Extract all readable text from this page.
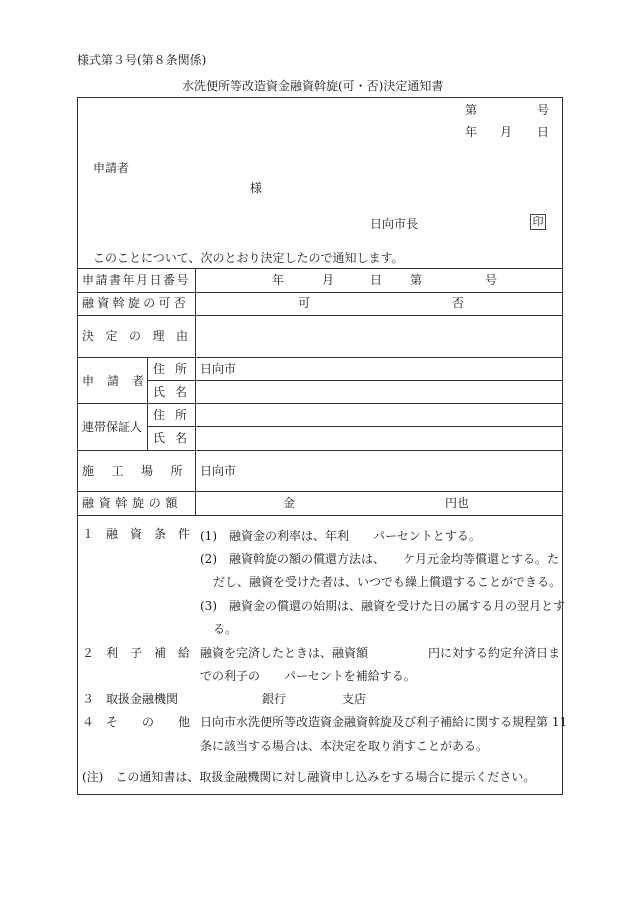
様式第３号(第８条関係)
水洗便所等改造資金融資斡旋(可・否)決定通知書
第	号
年 月 日
申請者
様
日向市長	印
このことについて、次のとおり決定したので通知します。
申請書年月日番号	年	月	日 第	号
融資斡旋の可否	可	否
決定の理由
申請者
住所 日向市
氏名
連帯保証人
住所
氏名
施工場所 日向市
融資斡旋の額	金	円也
１　融　資　条　件 (1)　融資金の利率は、年利　　パーセントとする。
(2)　融資斡旋の額の償還方法は、　　ケ月元金均等償還とする。た
だし、融資を受けた者は、いつでも繰上償還することができる。
(3)　融資金の償還の始期は、融資を受けた日の属する月の翌月とす
る。
２　利　子　補　給 融資を完済したときは、融資額　　　　　円に対する約定弁済日ま
での利子の　　パーセントを補給する。
３　取扱金融機関	銀行	支店
４　そ　　の　　他 日向市水洗便所等改造資金融資斡旋及び利子補給に関する規程第 11
条に該当する場合は、本決定を取り消すことがある。
(注)　この通知書は、取扱金融機関に対し融資申し込みをする場合に提示ください。
